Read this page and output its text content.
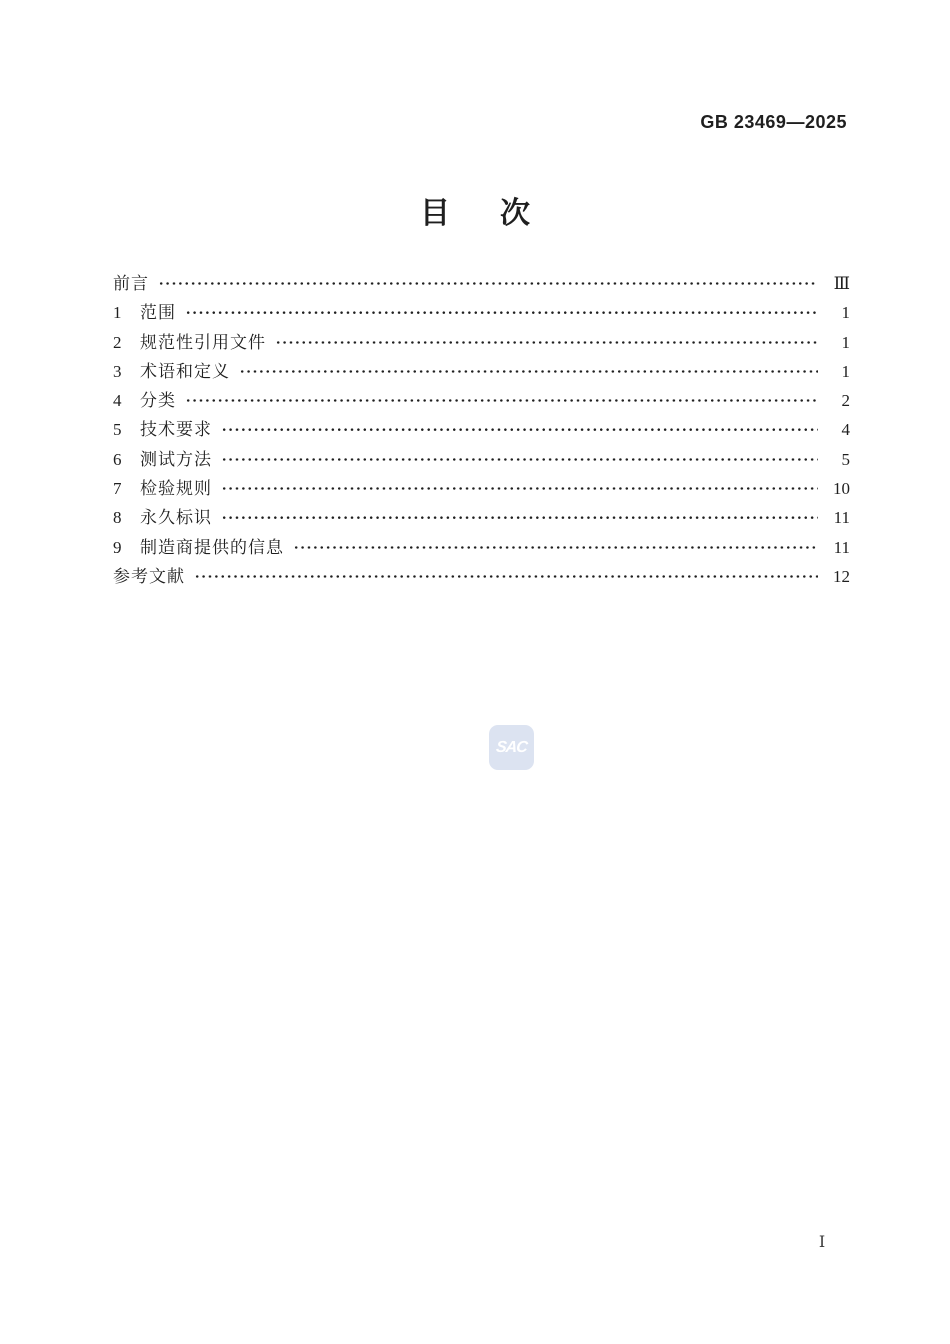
GB 23469—2025
目　次
前言	Ⅲ
1	范围	1
2	规范性引用文件	1
3	术语和定义	1
4	分类	2
5	技术要求	4
6	测试方法	5
7	检验规则	10
8	永久标识	11
9	制造商提供的信息	11
参考文献	12
SAC
Ⅰ
